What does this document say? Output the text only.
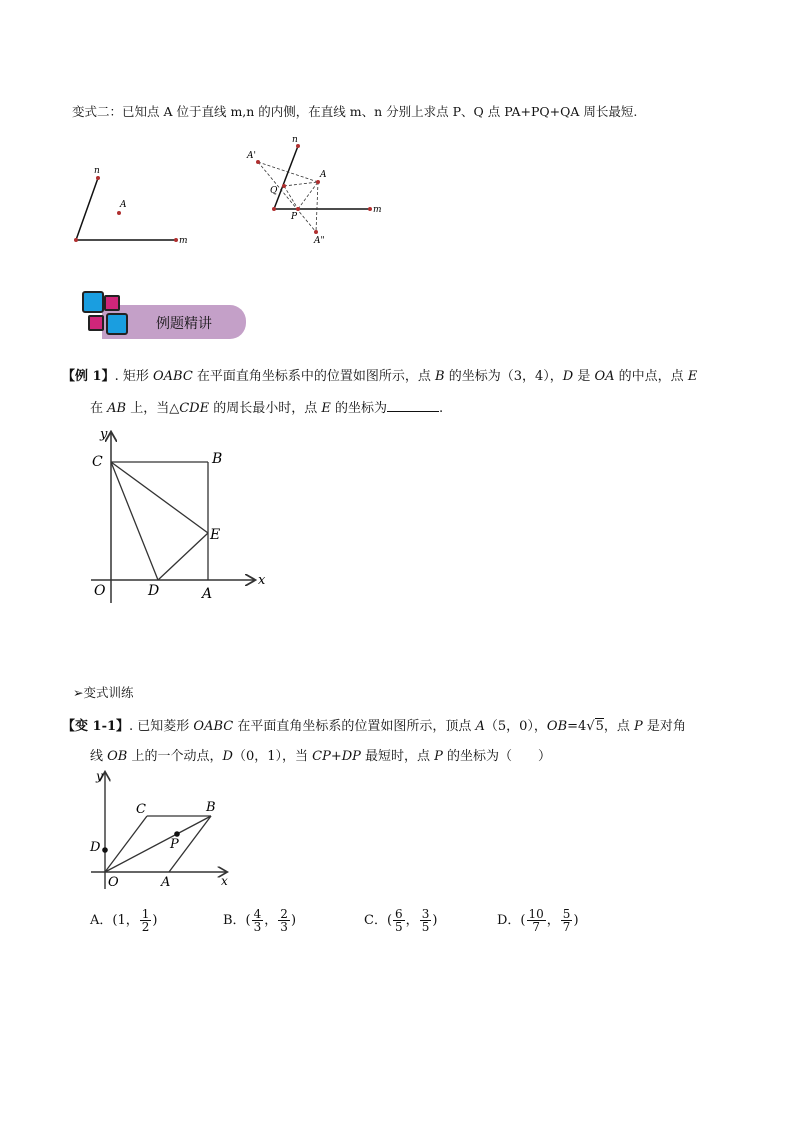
变式二：已知点 A 位于直线 m,n 的内侧，在直线 m、n 分别上求点 P、Q 点 PA+PQ+QA 周长最短.
n
A
m
n
A'
Q
A
P
m
A"
例题精讲
【例 1】. 矩形 OABC 在平面直角坐标系中的位置如图所示，点 B 的坐标为（3，4），D 是 OA 的中点，点 E
在 AB 上，当△CDE 的周长最小时，点 E 的坐标为	.
y
C	B
E
O	D	A
x
➢变式训练
【变 1-1】. 已知菱形 OABC 在平面直角坐标系的位置如图所示，顶点 A（5，0），OB=4√5，点 P 是对角
线 OB 上的一个动点，D（0，1），当 CP+DP 最短时，点 P 的坐标为（　　）
y
C	B
D	P
O	A	x
A．(1， $\frac{1}{2}$ )	B．( $\frac{4}{3}$ ， $\frac{2}{3}$ )	C．( $\frac{6}{5}$ ， $\frac{3}{5}$ )	D．( $\frac{10}{7}$ ， $\frac{5}{7}$ )
